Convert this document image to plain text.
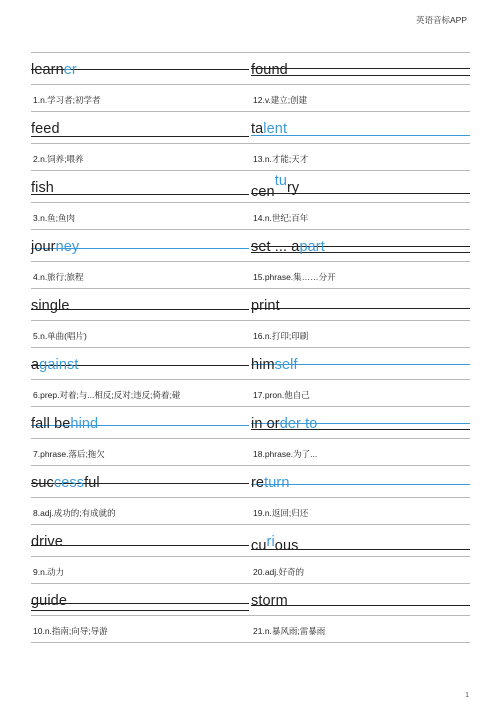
英语音标APP
learner	found
1.n.学习者;初学者	12.v.建立;创建
feed	talent
2.n.饲养;喂养	13.n.才能;天才
fish	century
3.n.鱼;鱼肉	14.n.世纪;百年
journey	set ... apart
4.n.旅行;旅程	15.phrase.集……分开
single	print
5.n.单曲(唱片)	16.n.打印;印刷
against	himself
6.prep.对着;与...相反;反对;违反;倚着;碰	17.pron.他自己
fall behind	in order to
7.phrase.落后;拖欠	18.phrase.为了...
successful	return
8.adj.成功的;有成就的	19.n.返回;归还
drive	curious
9.n.动力	20.adj.好奇的
guide	storm
10.n.指南;向导;导游	21.n.暴风雨;雷暴雨
1
